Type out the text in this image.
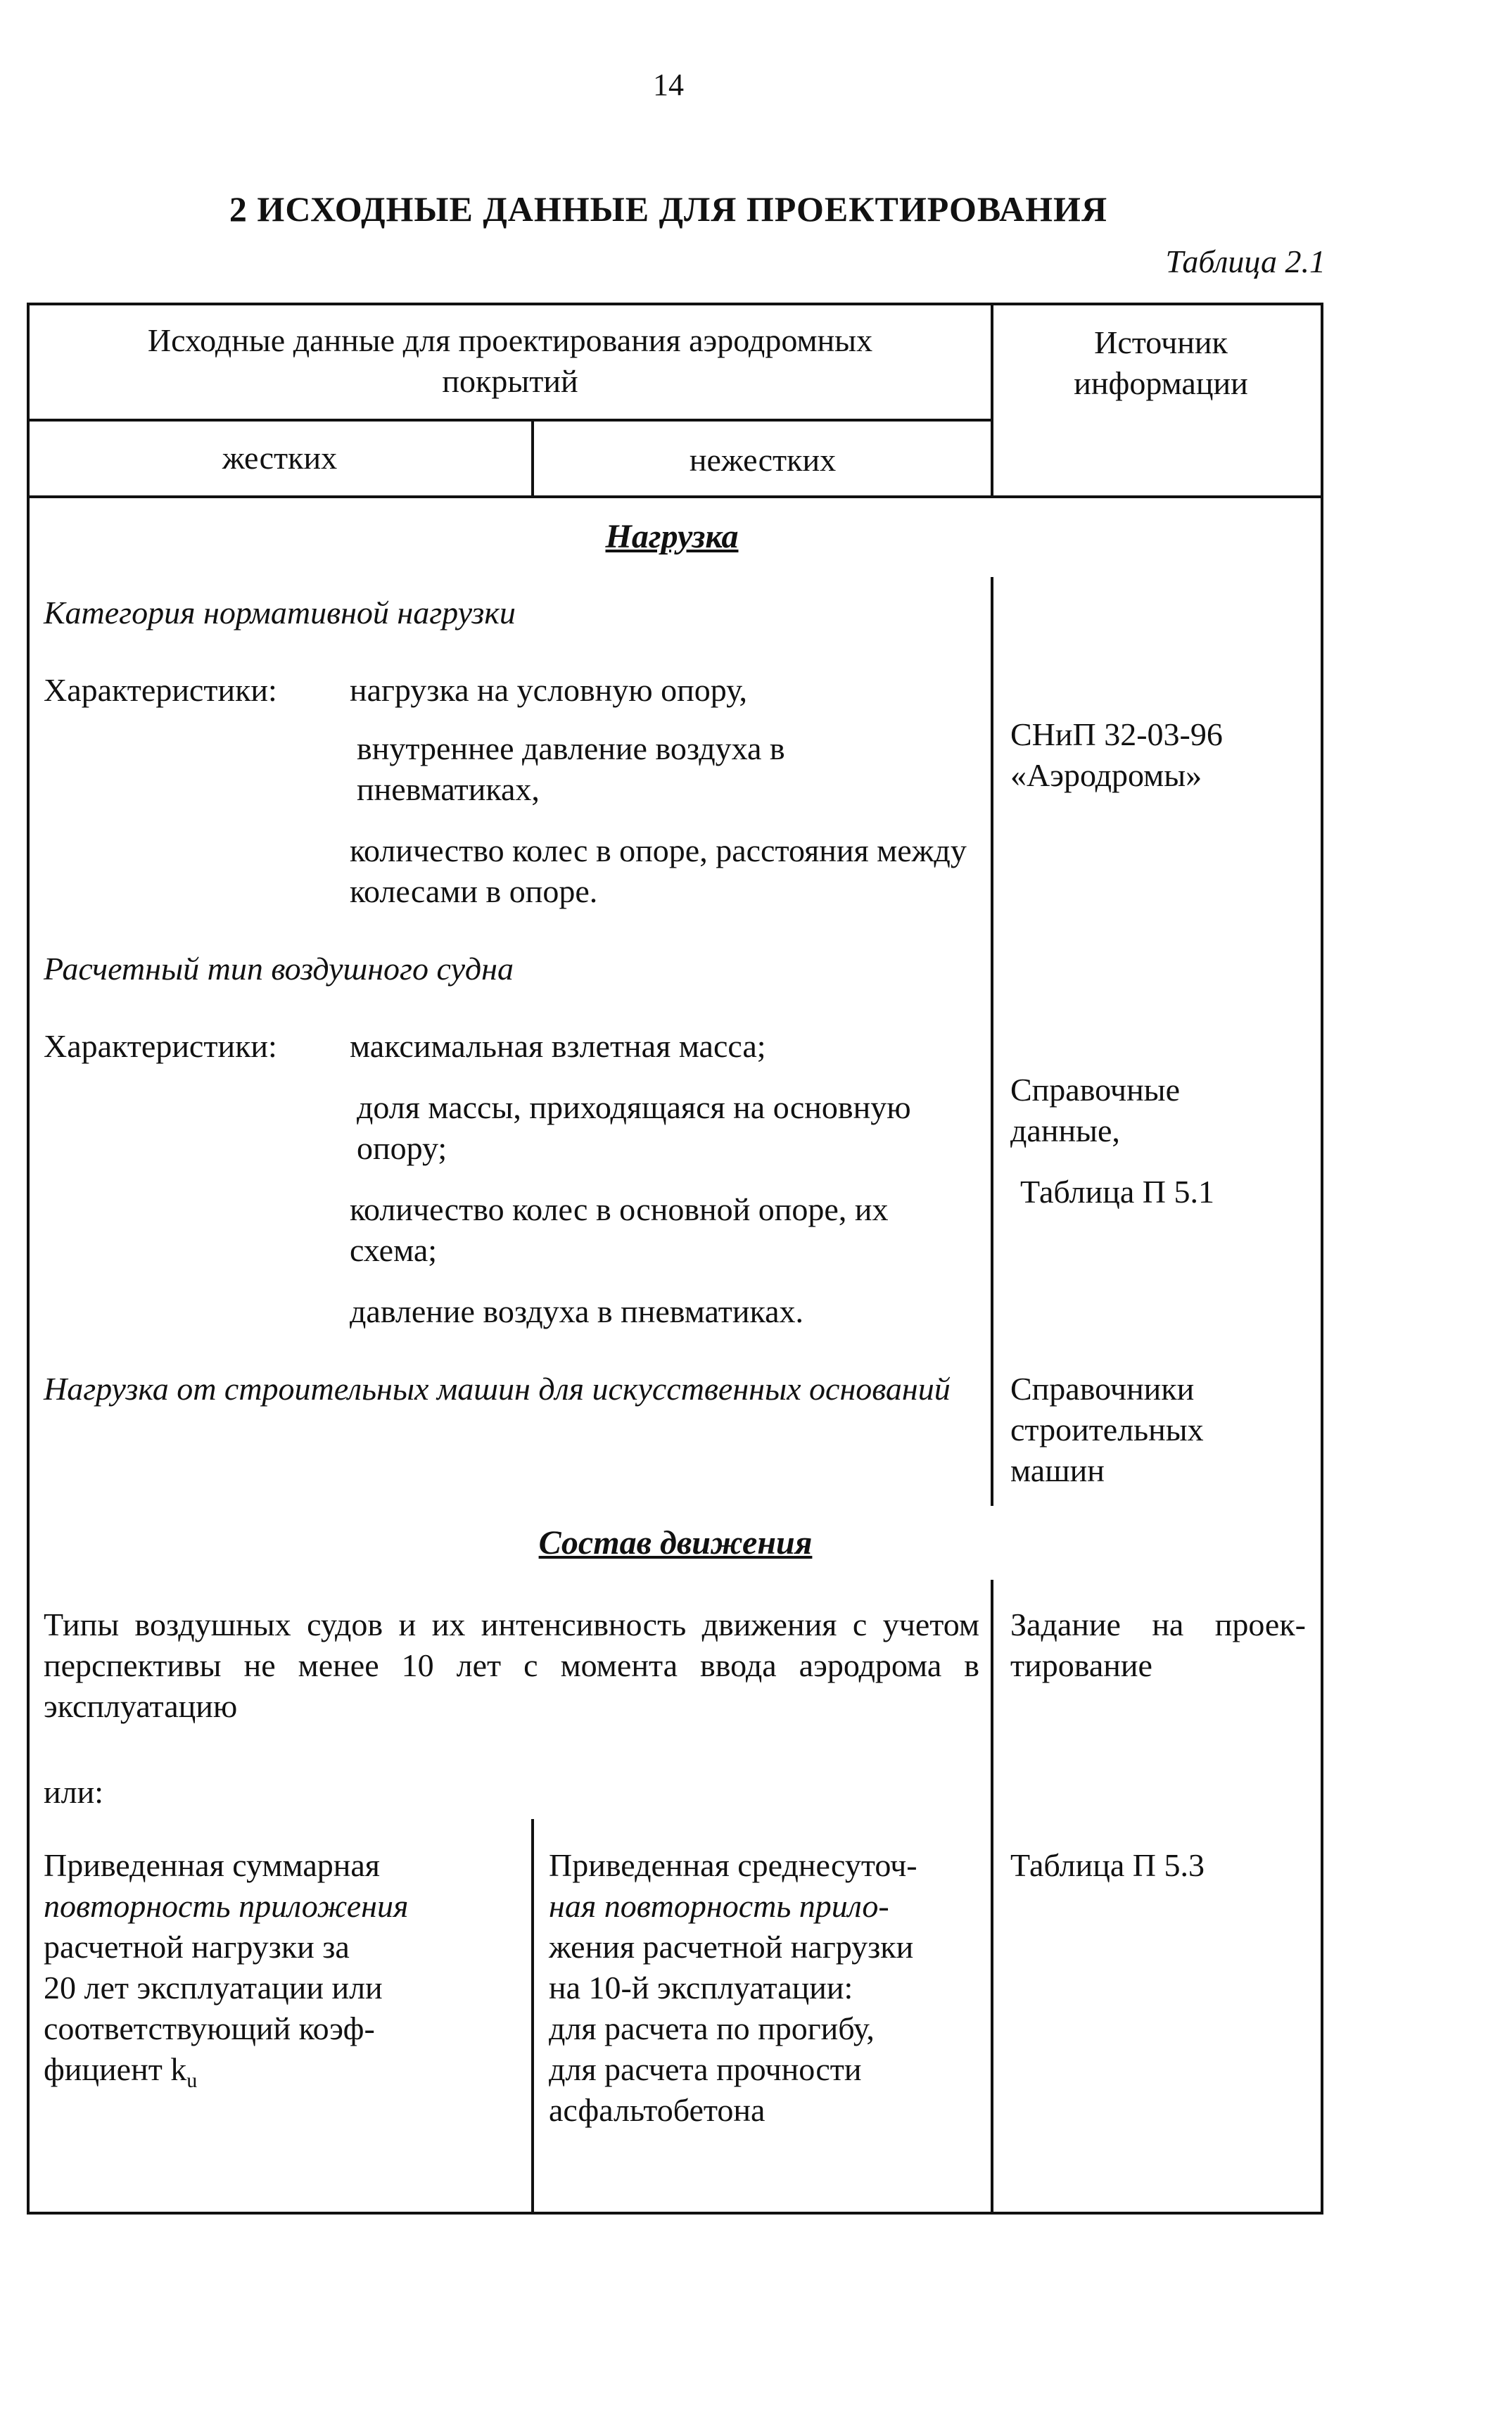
14
2 ИСХОДНЫЕ ДАННЫЕ ДЛЯ ПРОЕКТИРОВАНИЯ
Таблица 2.1
Исходные данные для проектирования аэродромных покрытий
Источник информации
жестких	нежестких
Нагрузка
Категория нормативной нагрузки
Характеристики: нагрузка на условную опору,
внутреннее давление воздуха в пневматиках,
количество колес в опоре, расстояния между колесами в опоре.
СНиП 32-03-96 «Аэродромы»
Расчетный тип воздушного судна
Характеристики: максимальная взлетная масса;
доля массы, приходящаяся на основную опору;
количество колес в основной опоре, их схема;
давление воздуха в пневматиках.
Справочные данные,
Таблица П 5.1
Нагрузка от строительных машин для искусственных оснований	Справочники строительных машин
Состав движения
Типы воздушных судов и их интенсивность движения с учетом перспективы не менее 10 лет с момента ввода аэродрома в эксплуатацию
Задание на проек-тирование
или:
Приведенная суммарная
повторность приложения
расчетной нагрузки за
20 лет эксплуатации или
соответствующий коэф-
фициент $k_u$
Приведенная среднесуточ-
ная повторность прило-
жения расчетной нагрузки
на 10-й эксплуатации:
для расчета по прогибу,
для расчета прочности
асфальтобетона
Таблица П 5.3
